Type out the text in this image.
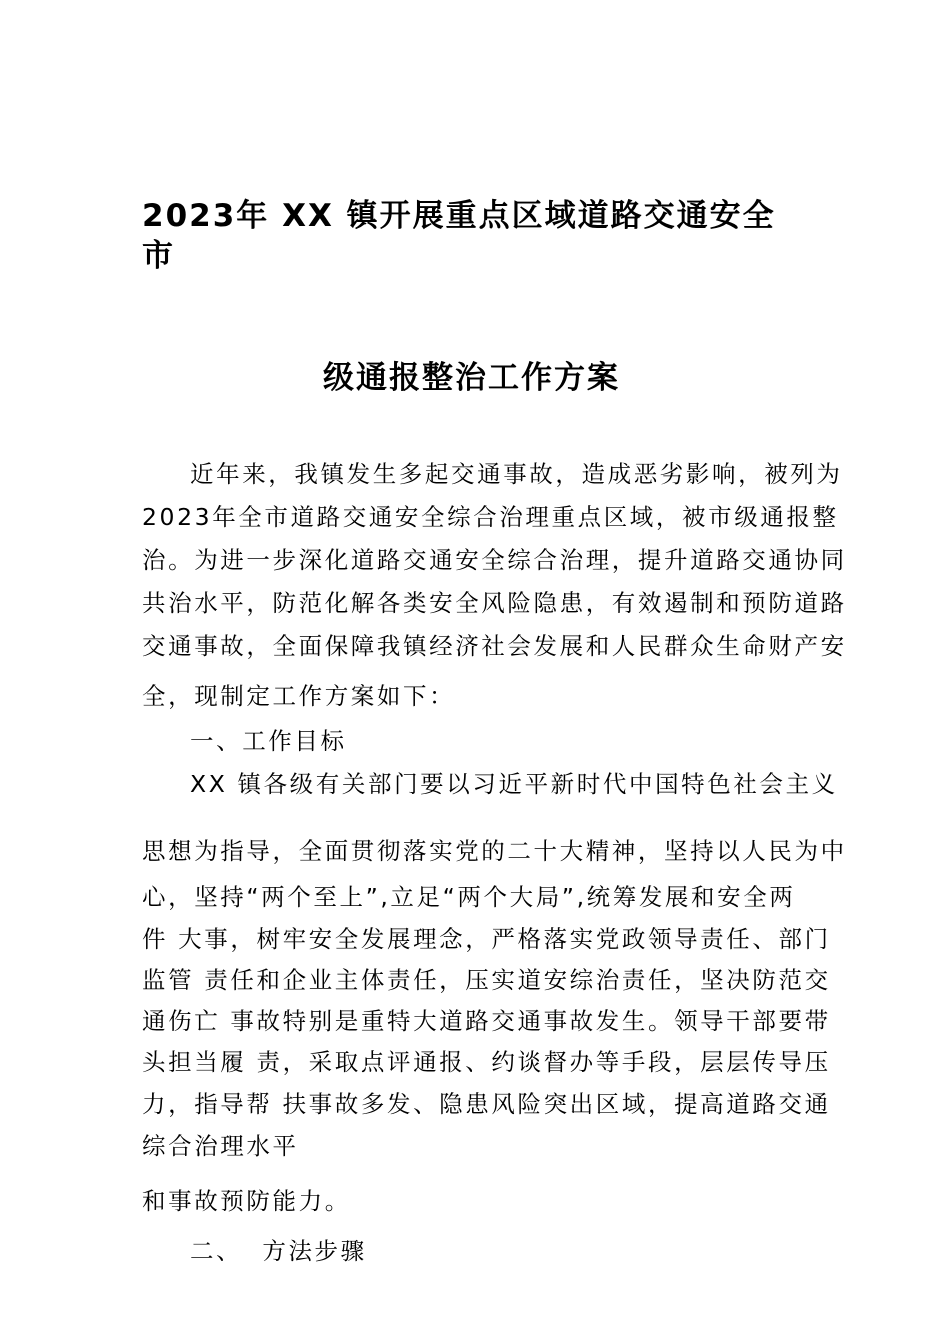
2023年 XX 镇开展重点区域道路交通安全
市
级通报整治工作方案
近年来，我镇发生多起交通事故，造成恶劣影响，被列为
2023年全市道路交通安全综合治理重点区域，被市级通报整
治。为进一步深化道路交通安全综合治理，提升道路交通协同
共治水平，防范化解各类安全风险隐患，有效遏制和预防道路
交通事故，全面保障我镇经济社会发展和人民群众生命财产安
全，现制定工作方案如下：
一、工作目标
XX 镇各级有关部门要以习近平新时代中国特色社会主义
思想为指导，全面贯彻落实党的二十大精神，坚持以人民为中
心，坚持“两个至上”,立足“两个大局”,统筹发展和安全两
件 大事，树牢安全发展理念，严格落实党政领导责任、部门
监管 责任和企业主体责任，压实道安综治责任，坚决防范交
通伤亡 事故特别是重特大道路交通事故发生。领导干部要带
头担当履 责，采取点评通报、约谈督办等手段，层层传导压
力，指导帮 扶事故多发、隐患风险突出区域，提高道路交通
综合治理水平
和事故预防能力。
二、  方法步骤
